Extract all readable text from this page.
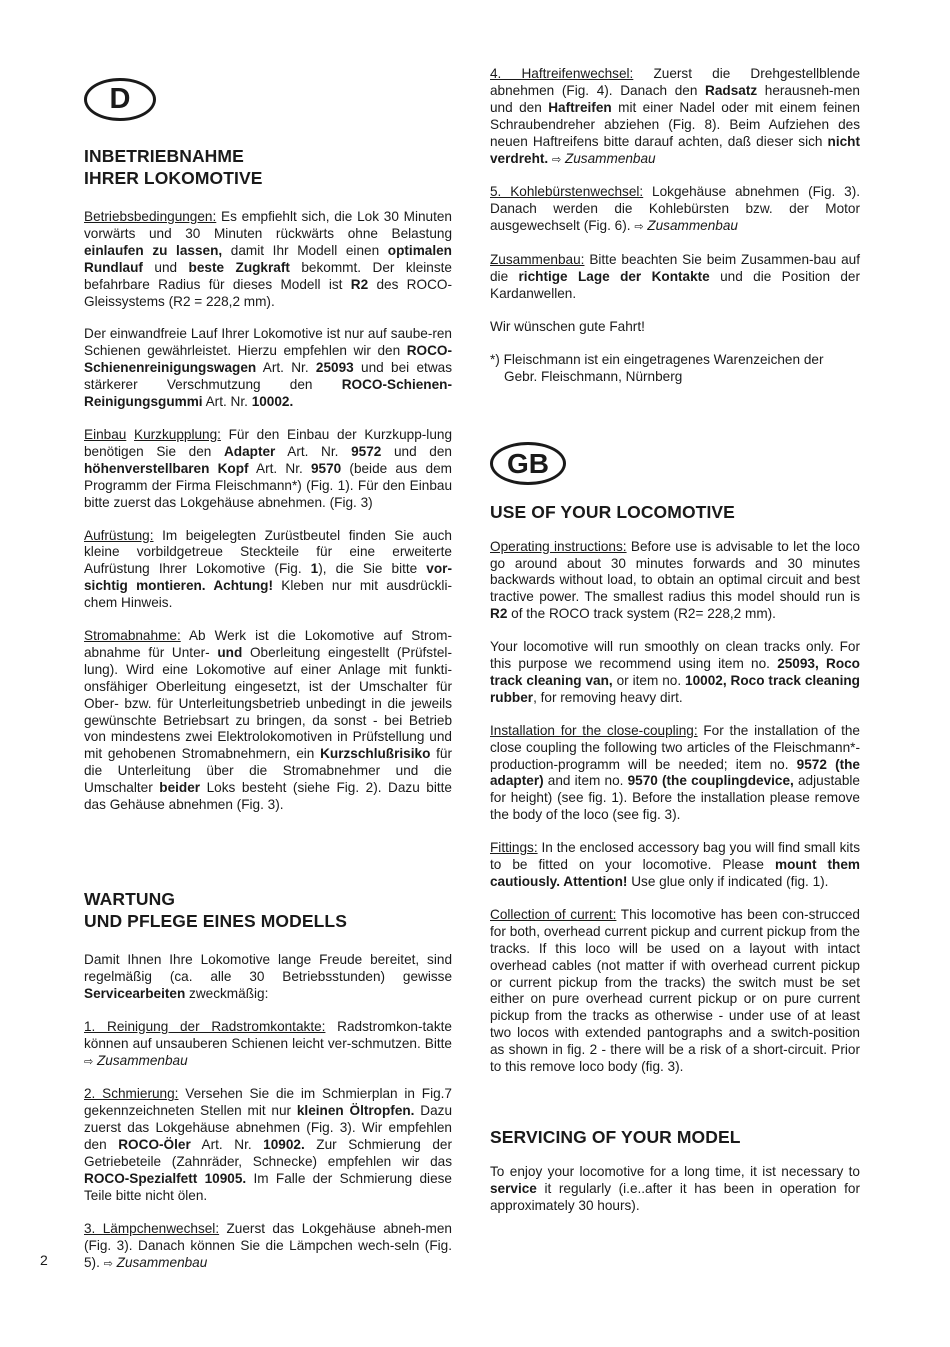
D
INBETRIEBNAHME
IHRER LOKOMOTIVE

Betriebsbedingungen: Es empfiehlt sich, die Lok 30 Minuten vorwärts und 30 Minuten rückwärts ohne Belastung einlaufen zu lassen, damit Ihr Modell einen optimalen Rundlauf und beste Zugkraft bekommt. Der kleinste befahrbare Radius für dieses Modell ist R2 des ROCO-Gleissystems (R2 = 228,2 mm).

Der einwandfreie Lauf Ihrer Lokomotive ist nur auf saube-ren Schienen gewährleistet. Hierzu empfehlen wir den ROCO-Schienenreinigungswagen Art. Nr. 25093 und bei etwas stärkerer Verschmutzung den ROCO-Schienen-Reinigungsgummi Art. Nr. 10002.

Einbau Kurzkupplung: Für den Einbau der Kurzkupp-lung benötigen Sie den Adapter Art. Nr. 9572 und den höhenverstellbaren Kopf Art. Nr. 9570 (beide aus dem Programm der Firma Fleischmann*) (Fig. 1). Für den Einbau bitte zuerst das Lokgehäuse abnehmen. (Fig. 3)

Aufrüstung: Im beigelegten Zurüstbeutel finden Sie auch kleine vorbildgetreue Steckteile für eine erweiterte Aufrüstung Ihrer Lokomotive (Fig. 1), die Sie bitte vor-sichtig montieren. Achtung! Kleben nur mit ausdrückli-chem Hinweis.

Stromabnahme: Ab Werk ist die Lokomotive auf Strom-abnahme für Unter- und Oberleitung eingestellt (Prüfstel-lung). Wird eine Lokomotive auf einer Anlage mit funkti-onsfähiger Oberleitung eingesetzt, ist der Umschalter für Ober- bzw. für Unterleitungsbetrieb unbedingt in die jeweils gewünschte Betriebsart zu bringen, da sonst - bei Betrieb von mindestens zwei Elektrolokomotiven in Prüfstellung und mit gehobenen Stromabnehmern, ein Kurzschlußrisiko für die Unterleitung über die Stromabnehmer und die Umschalter beider Loks besteht (siehe Fig. 2). Dazu bitte das Gehäuse abnehmen (Fig. 3).

WARTUNG
UND PFLEGE EINES MODELLS

Damit Ihnen Ihre Lokomotive lange Freude bereitet, sind regelmäßig (ca. alle 30 Betriebsstunden) gewisse Servicearbeiten zweckmäßig:

1. Reinigung der Radstromkontakte: Radstromkon-takte können auf unsauberen Schienen leicht ver-schmutzen. Bitte ⇨ Zusammenbau

2. Schmierung: Versehen Sie die im Schmierplan in Fig.7 gekennzeichneten Stellen mit nur kleinen Öltropfen. Dazu zuerst das Lokgehäuse abnehmen (Fig. 3). Wir empfehlen den ROCO-Öler Art. Nr. 10902. Zur Schmierung der Getriebeteile (Zahnräder, Schnecke) empfehlen wir das ROCO-Spezialfett 10905. Im Falle der Schmierung diese Teile bitte nicht ölen.

3. Lämpchenwechsel: Zuerst das Lokgehäuse abneh-men (Fig. 3). Danach können Sie die Lämpchen wech-seln (Fig. 5). ⇨ Zusammenbau

2

4. Haftreifenwechsel: Zuerst die Drehgestellblende abnehmen (Fig. 4). Danach den Radsatz herausneh-men und den Haftreifen mit einer Nadel oder mit einem feinen Schraubendreher abziehen (Fig. 8). Beim Aufziehen des neuen Haftreifens bitte darauf achten, daß dieser sich nicht verdreht. ⇨ Zusammenbau

5. Kohlebürstenwechsel: Lokgehäuse abnehmen (Fig. 3). Danach werden die Kohlebürsten bzw. der Motor ausgewechselt (Fig. 6). ⇨ Zusammenbau

Zusammenbau: Bitte beachten Sie beim Zusammen-bau auf die richtige Lage der Kontakte und die Position der Kardanwellen.

Wir wünschen gute Fahrt!

*) Fleischmann ist ein eingetragenes Warenzeichen der Gebr. Fleischmann, Nürnberg

GB
USE OF YOUR LOCOMOTIVE

Operating instructions: Before use is advisable to let the loco go around about 30 minutes forwards and 30 minutes backwards without load, to obtain an optimal circuit and best tractive power. The smallest radius this model should run is R2 of the ROCO track system (R2= 228,2 mm).

Your locomotive will run smoothly on clean tracks only. For this purpose we recommend using item no. 25093, Roco track cleaning van, or item no. 10002, Roco track cleaning rubber, for removing heavy dirt.

Installation for the close-coupling: For the installation of the close coupling the following two articles of the Fleischmann*-production-programm will be needed; item no. 9572 (the adapter) and item no. 9570 (the couplingdevice, adjustable for height) (see fig. 1). Before the installation please remove the body of the loco (see fig. 3).

Fittings: In the enclosed accessory bag you will find small kits to be fitted on your locomotive. Please mount them cautiously. Attention! Use glue only if indicated (fig. 1).

Collection of current: This locomotive has been con-strucced for both, overhead current pickup and current pickup from the tracks. If this loco will be used on a layout with intact overhead cables (not matter if with overhead current pickup or current pickup from the tracks) the switch must be set either on pure overhead current pickup or on pure current pickup from the tracks as otherwise - under use of at least two locos with extended pantographs and a switch-position as shown in fig. 2 - there will be a risk of a short-circuit. Prior to this remove loco body (fig. 3).

SERVICING OF YOUR MODEL

To enjoy your locomotive for a long time, it ist necessary to service it regularly (i.e..after it has been in operation for approximately 30 hours).
